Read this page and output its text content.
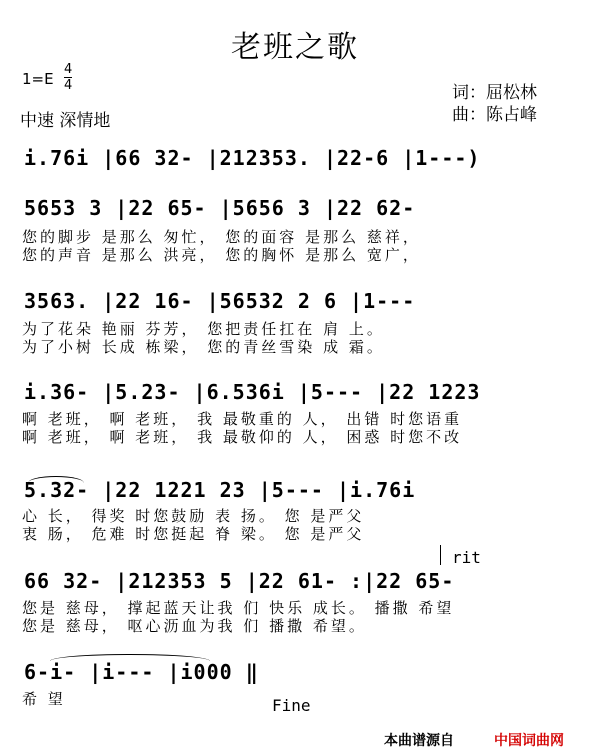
老班之歌
1=E
4
4	词：屈松林
曲：陈占峰
中速 深情地
i.76i |66 32- |212353. |22-6 |1---)
5653 3 |22 65- |5656 3 |22 62-
您的脚步 是那么 匆忙， 您的面容 是那么 慈祥，
您的声音 是那么 洪亮， 您的胸怀 是那么 宽广，
3563. |22 16- |56532 2 6 |1---
为了花朵 艳丽 芬芳， 您把责任扛在 肩 上。
为了小树 长成 栋梁， 您的青丝雪染 成 霜。
i.36- |5.23- |6.536i |5--- |22 1223
啊 老班， 啊 老班， 我 最敬重的 人， 出错 时您语重
啊 老班， 啊 老班， 我 最敬仰的 人， 困惑 时您不改
5.32- |22 1221 23 |5--- |i.76i
心 长， 得奖 时您鼓励 表 扬。 您 是严父
衷 肠， 危难 时您挺起 脊 梁。 您 是严父
rit
66 32- |212353 5 |22 61- :|22 65-
您是 慈母， 撑起蓝天让我 们 快乐 成长。 播撒 希望
您是 慈母， 呕心沥血为我 们 播撒 希望。
6-i- |i--- |i000 ‖
希 望	Fine
本曲谱源自	中国词曲网
